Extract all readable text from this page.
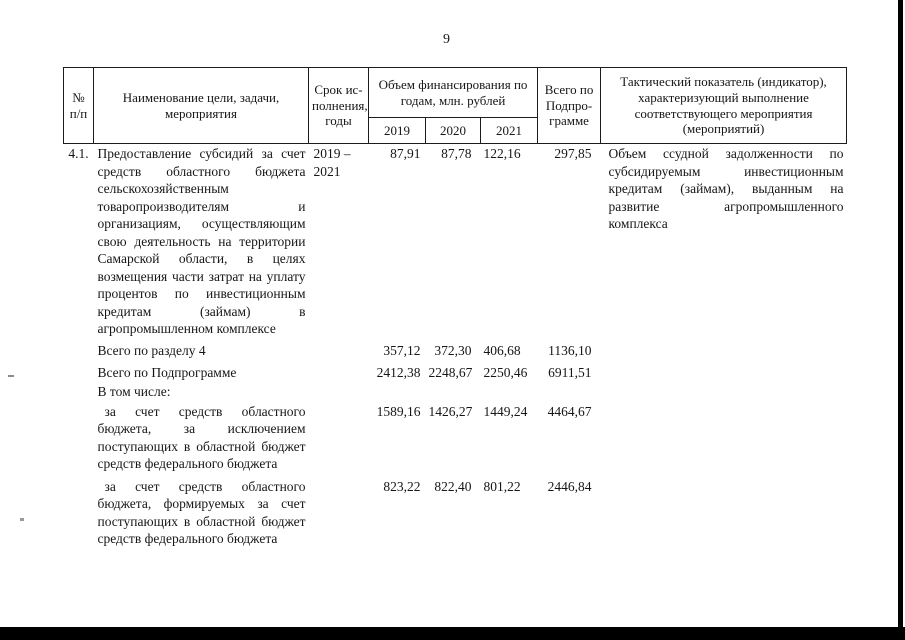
9
№ п/п	Наименование цели, задачи, мероприятия	Срок ис-полнения, годы	Объем финансирования по годам, млн. рублей			Всего по Подпро-грамме	Тактический показатель (индикатор), характеризующий выполнение соответствующего мероприятия (мероприятий)
			2019	2020	2021		
4.1.	Предоставление субсидий за счет средств областного бюджета сельскохозяйственным товаропроизводителям и организациям, осуществляющим свою деятельность на территории Самарской области, в целях возмещения части затрат на уплату процентов по инвестиционным кредитам (займам) в агропромышленном комплексе	2019 – 2021	87,91	87,78	122,16	297,85	Объем ссудной задолженности по субсидируемым инвестиционным кредитам (займам), выданным на развитие агропромышленного комплекса
	Всего по разделу 4		357,12	372,30	406,68	1136,10	
	Всего по Подпрограмме		2412,38	2248,67	2250,46	6911,51	
	В том числе:						
	за счет средств областного бюджета, за исключением поступающих в областной бюджет средств федерального бюджета		1589,16	1426,27	1449,24	4464,67	
	за счет средств областного бюджета, формируемых за счет поступающих в областной бюджет средств федерального бюджета		823,22	822,40	801,22	2446,84	
